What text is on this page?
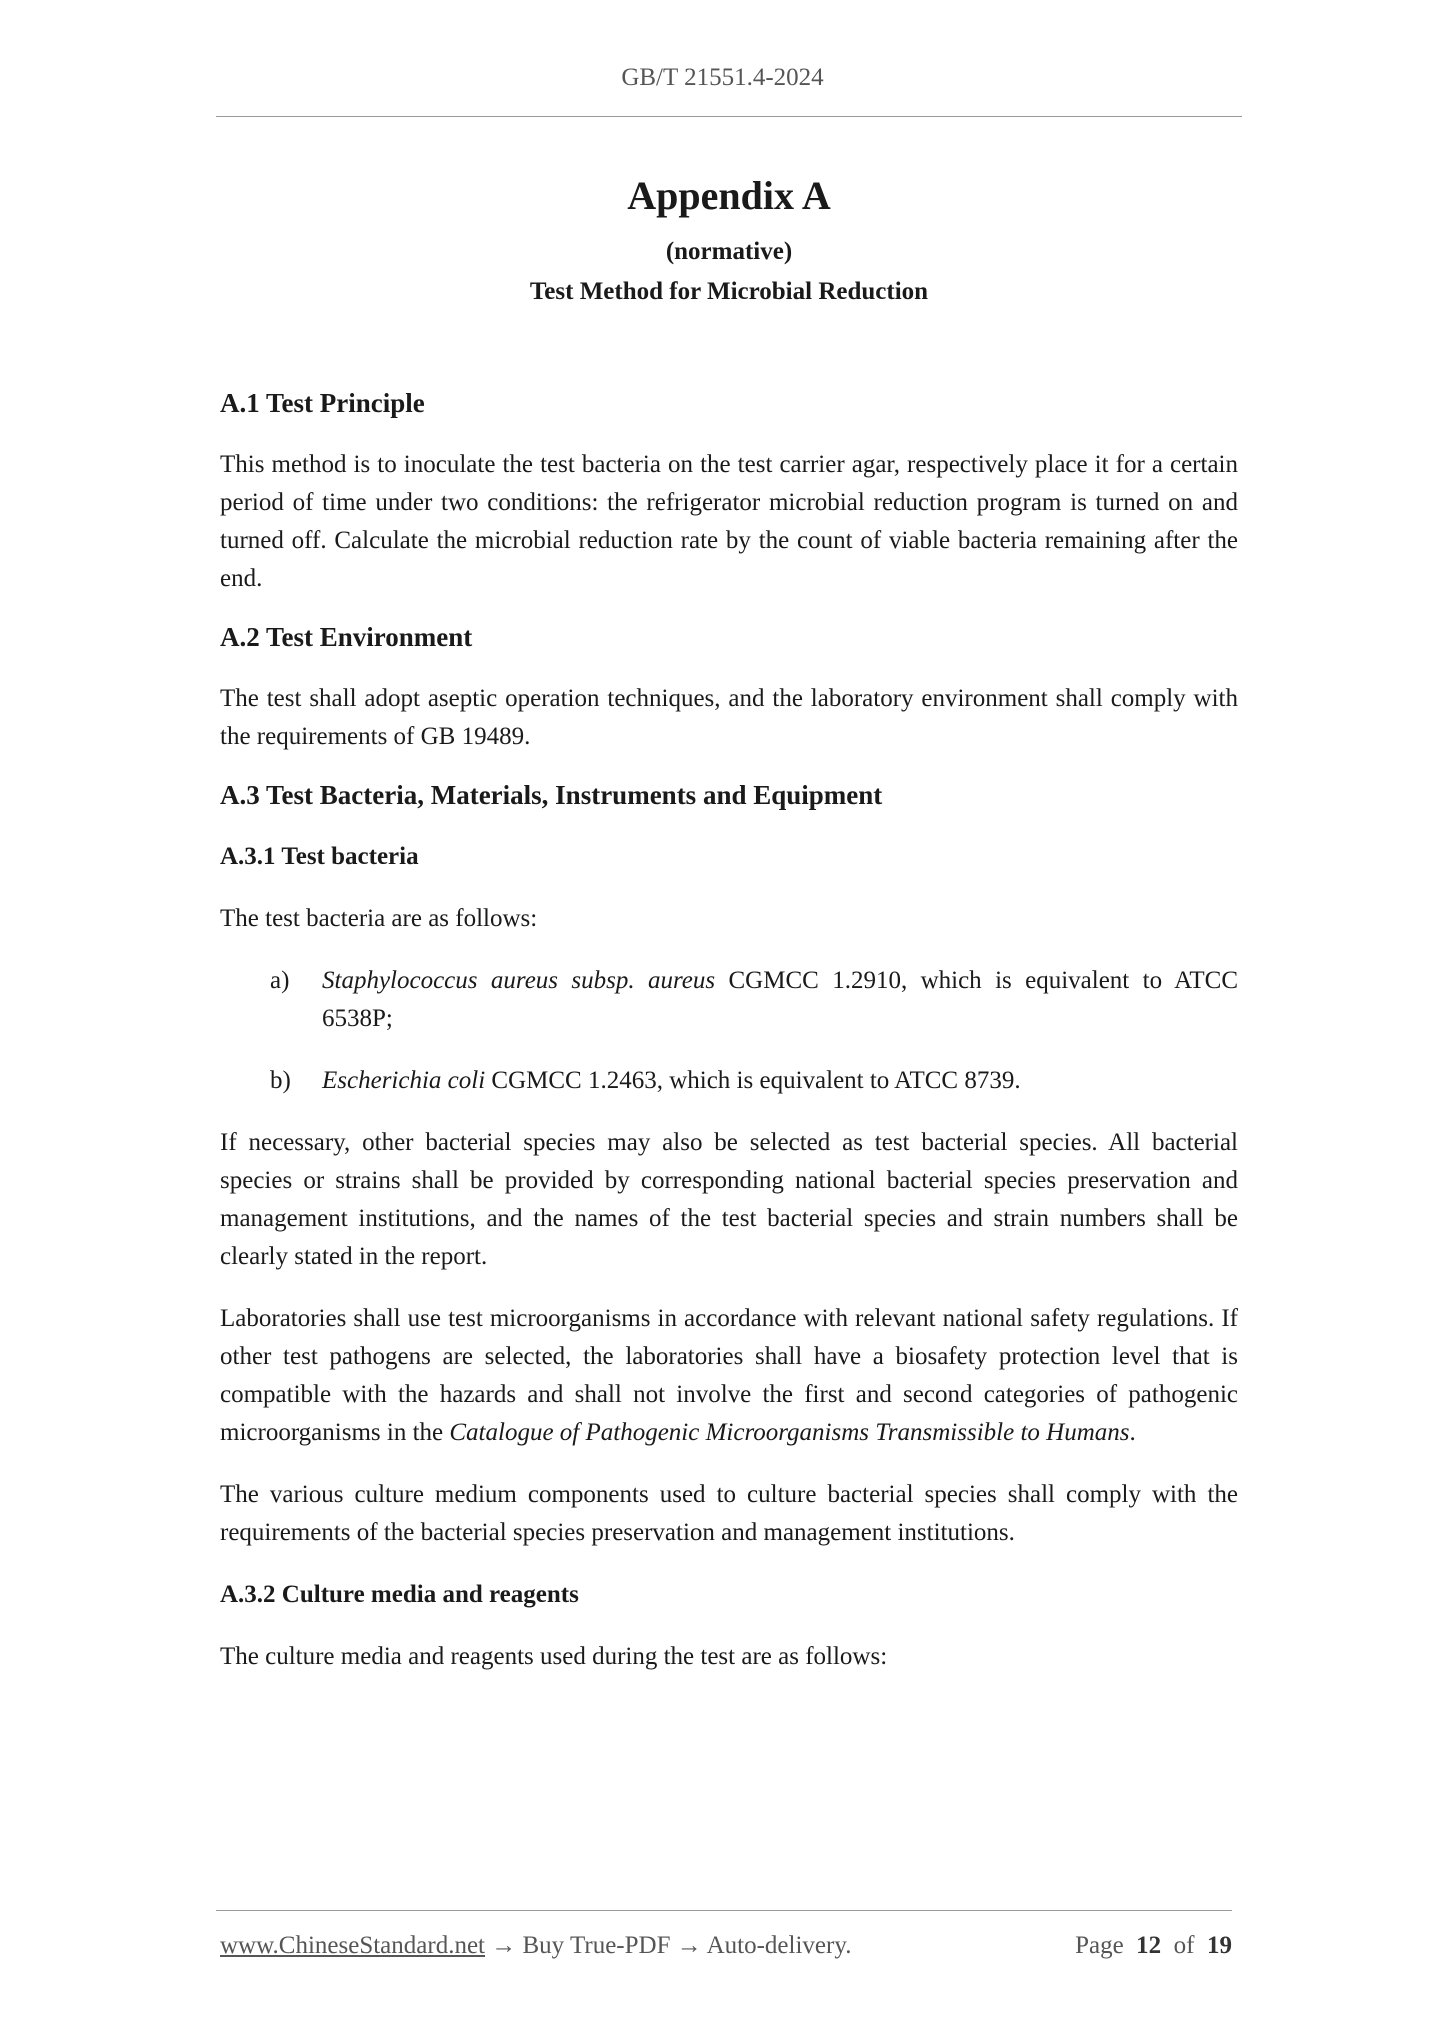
GB/T 21551.4-2024

Appendix A

(normative)

Test Method for Microbial Reduction

A.1 Test Principle

This method is to inoculate the test bacteria on the test carrier agar, respectively place it for a certain period of time under two conditions: the refrigerator microbial reduction program is turned on and turned off. Calculate the microbial reduction rate by the count of viable bacteria remaining after the end.

A.2 Test Environment

The test shall adopt aseptic operation techniques, and the laboratory environment shall comply with the requirements of GB 19489.

A.3 Test Bacteria, Materials, Instruments and Equipment

A.3.1 Test bacteria

The test bacteria are as follows:

a)	Staphylococcus aureus subsp. aureus CGMCC 1.2910, which is equivalent to ATCC 6538P;
b)	Escherichia coli CGMCC 1.2463, which is equivalent to ATCC 8739.

If necessary, other bacterial species may also be selected as test bacterial species. All bacterial species or strains shall be provided by corresponding national bacterial species preservation and management institutions, and the names of the test bacterial species and strain numbers shall be clearly stated in the report.

Laboratories shall use test microorganisms in accordance with relevant national safety regulations. If other test pathogens are selected, the laboratories shall have a biosafety protection level that is compatible with the hazards and shall not involve the first and second categories of pathogenic microorganisms in the Catalogue of Pathogenic Microorganisms Transmissible to Humans.

The various culture medium components used to culture bacterial species shall comply with the requirements of the bacterial species preservation and management institutions.

A.3.2 Culture media and reagents

The culture media and reagents used during the test are as follows:

www.ChineseStandard.net → Buy True-PDF → Auto-delivery.	Page 12 of 19
